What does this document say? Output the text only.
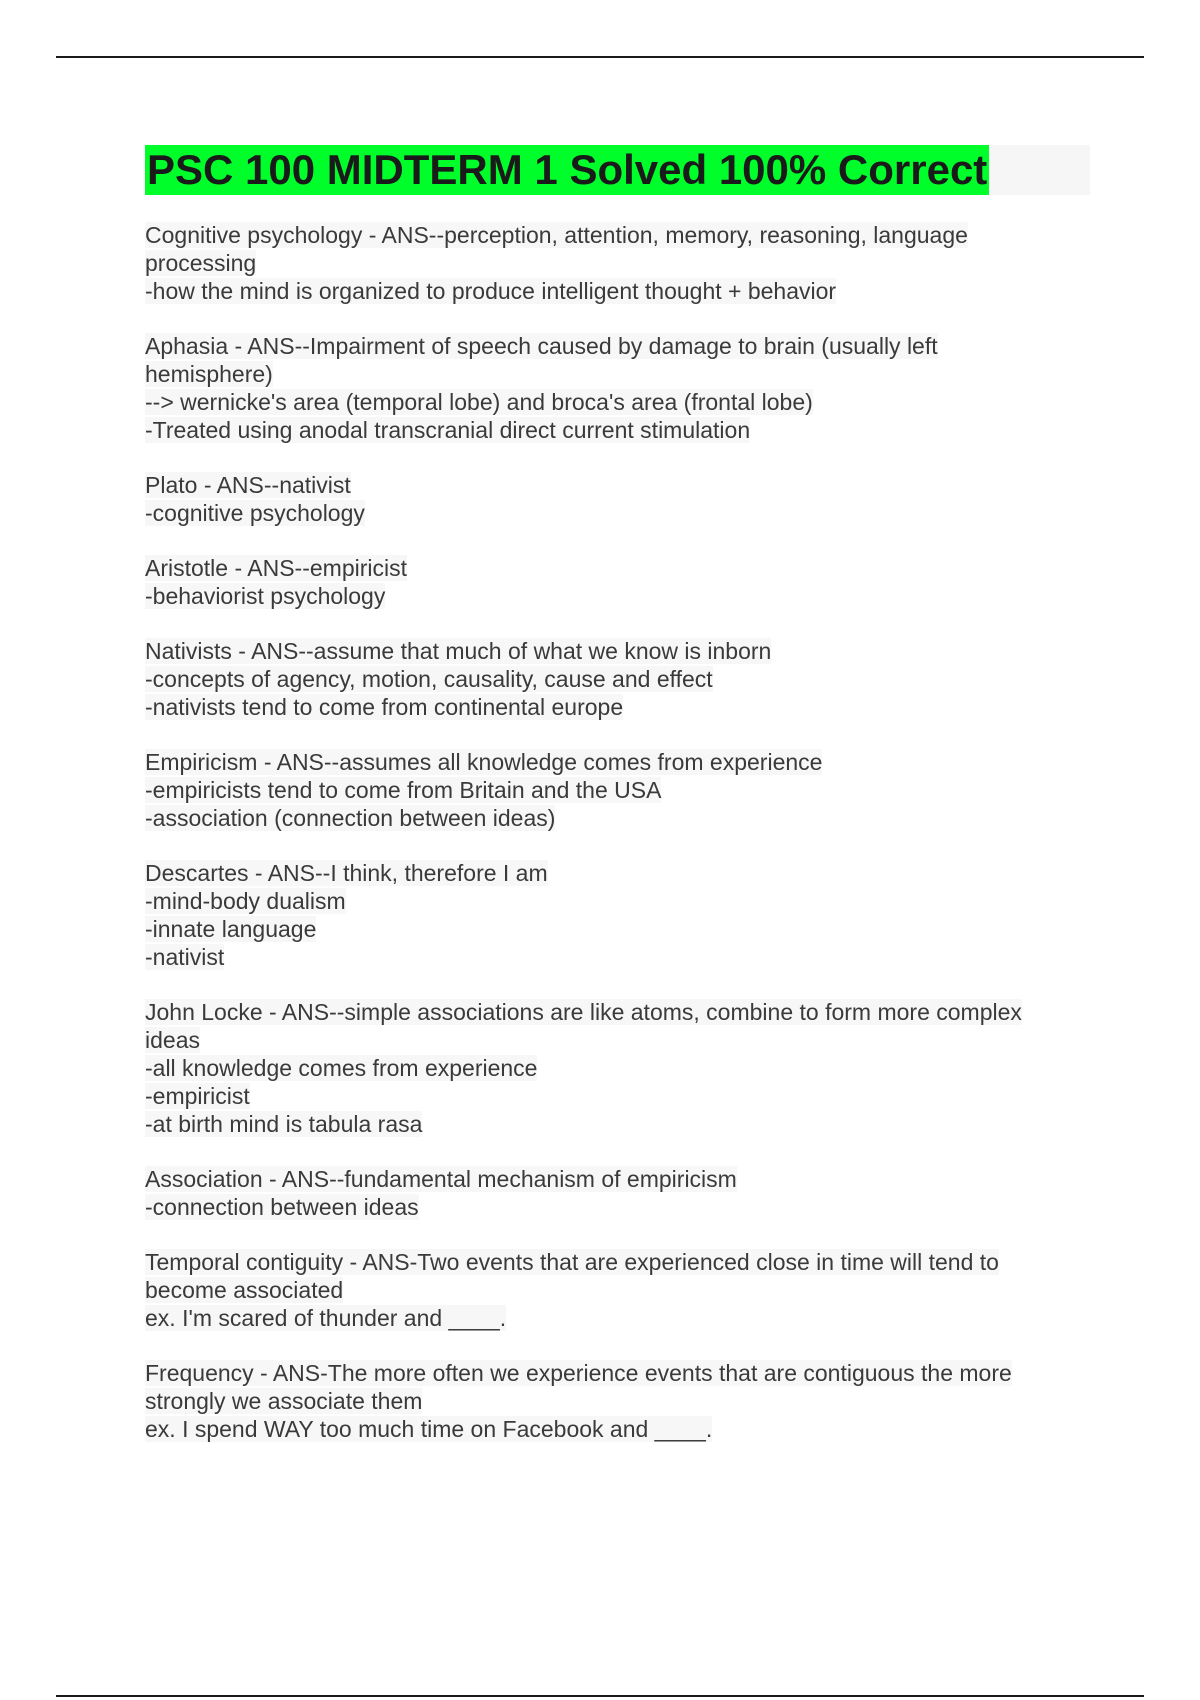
PSC 100 MIDTERM 1 Solved 100% Correct
Cognitive psychology - ANS--perception, attention, memory, reasoning, language
processing
-how the mind is organized to produce intelligent thought + behavior
Aphasia - ANS--Impairment of speech caused by damage to brain (usually left
hemisphere)
--> wernicke's area (temporal lobe) and broca's area (frontal lobe)
-Treated using anodal transcranial direct current stimulation
Plato - ANS--nativist
-cognitive psychology
Aristotle - ANS--empiricist
-behaviorist psychology
Nativists - ANS--assume that much of what we know is inborn
-concepts of agency, motion, causality, cause and effect
-nativists tend to come from continental europe
Empiricism - ANS--assumes all knowledge comes from experience
-empiricists tend to come from Britain and the USA
-association (connection between ideas)
Descartes - ANS--I think, therefore I am
-mind-body dualism
-innate language
-nativist
John Locke - ANS--simple associations are like atoms, combine to form more complex
ideas
-all knowledge comes from experience
-empiricist
-at birth mind is tabula rasa
Association - ANS--fundamental mechanism of empiricism
-connection between ideas
Temporal contiguity - ANS-Two events that are experienced close in time will tend to
become associated
ex. I'm scared of thunder and ____.
Frequency - ANS-The more often we experience events that are contiguous the more
strongly we associate them
ex. I spend WAY too much time on Facebook and ____.
